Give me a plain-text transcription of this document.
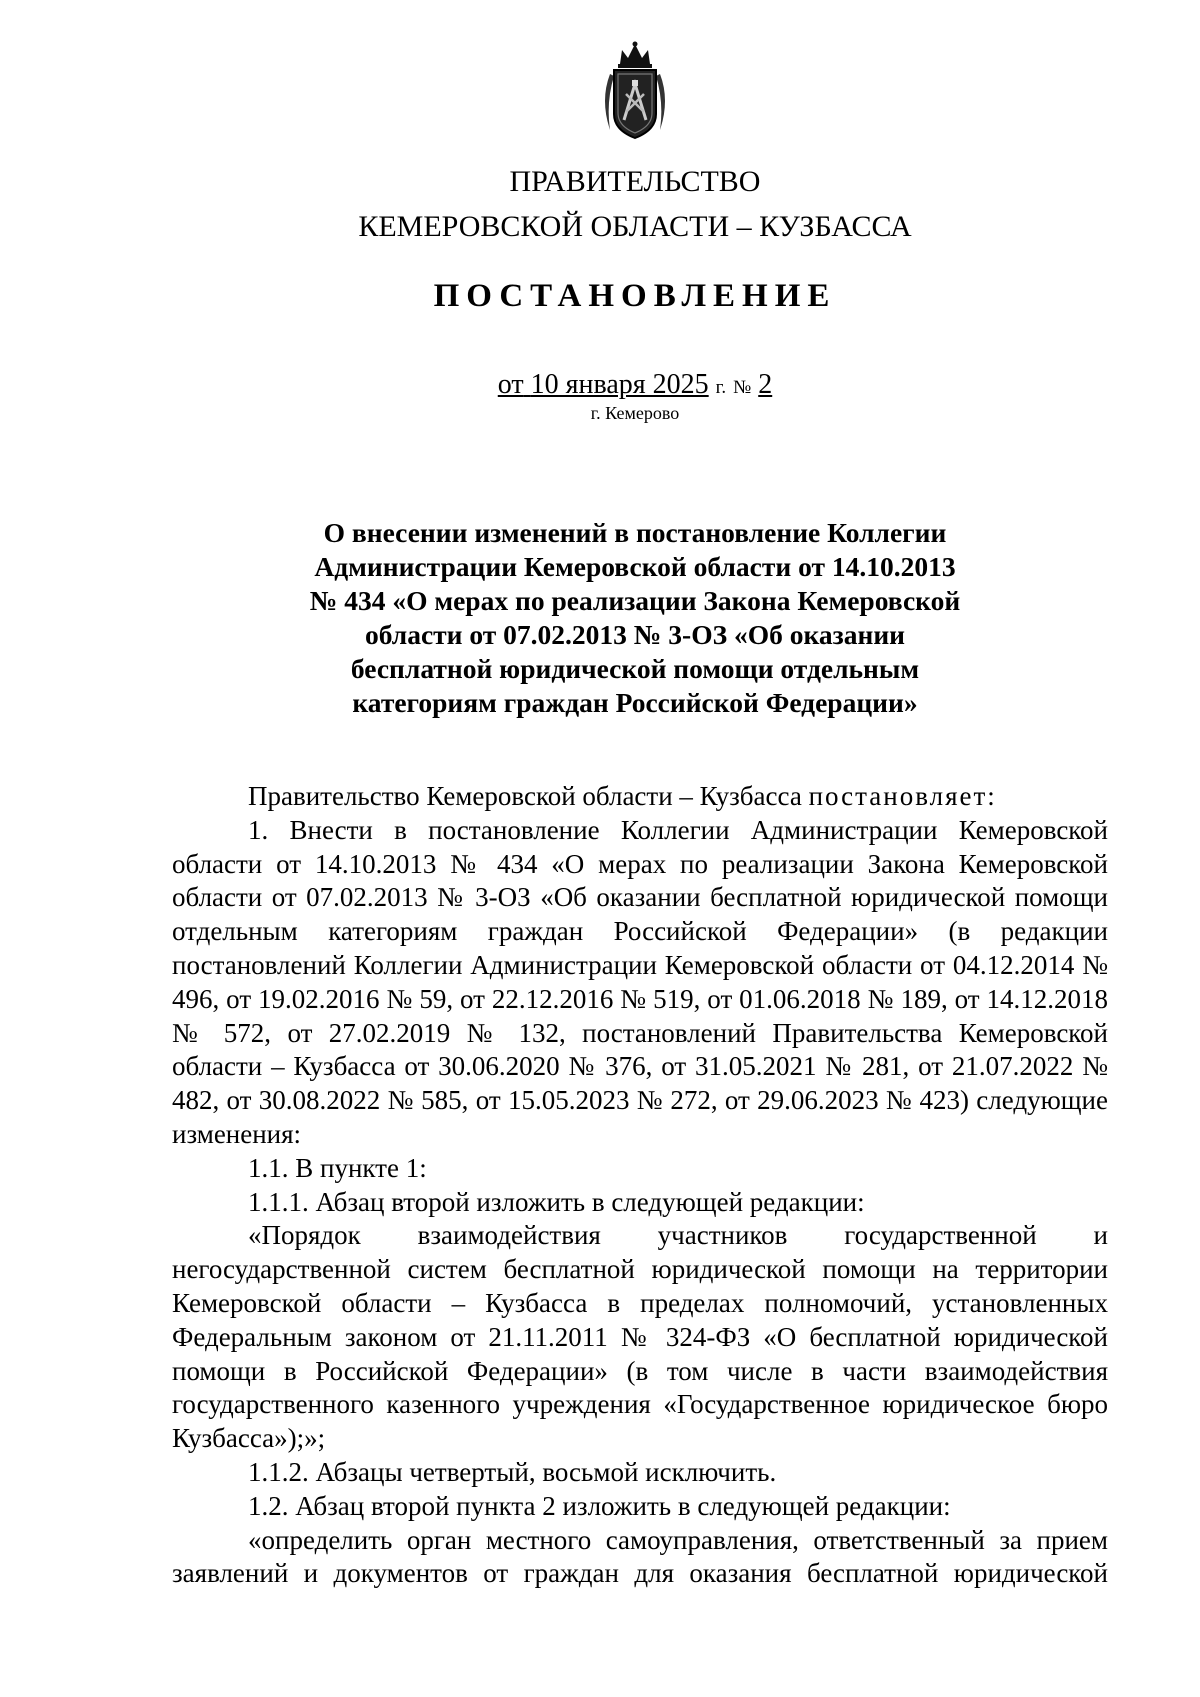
ПРАВИТЕЛЬСТВО
КЕМЕРОВСКОЙ ОБЛАСТИ – КУЗБАССА
ПОСТАНОВЛЕНИЕ
от 10 января 2025 г. № 2
г. Кемерово
О внесении изменений в постановление Коллегии
Администрации Кемеровской области от 14.10.2013
№ 434 «О мерах по реализации Закона Кемеровской
области от 07.02.2013 № 3-ОЗ «Об оказании
бесплатной юридической помощи отдельным
категориям граждан Российской Федерации»

Правительство Кемеровской области – Кузбасса постановляет:

1. Внести в постановление Коллегии Администрации Кемеровской области от 14.10.2013 № 434 «О мерах по реализации Закона Кемеровской области от 07.02.2013 № 3-ОЗ «Об оказании бесплатной юридической помощи отдельным категориям граждан Российской Федерации» (в редакции постановлений Коллегии Администрации Кемеровской области от 04.12.2014 № 496, от 19.02.2016 № 59, от 22.12.2016 № 519, от 01.06.2018 № 189, от 14.12.2018 № 572, от 27.02.2019 № 132, постановлений Правительства Кемеровской области – Кузбасса от 30.06.2020 № 376, от 31.05.2021 № 281, от 21.07.2022 № 482, от 30.08.2022 № 585, от 15.05.2023 № 272, от 29.06.2023 № 423) следующие изменения:

1.1. В пункте 1:

1.1.1. Абзац второй изложить в следующей редакции:

«Порядок взаимодействия участников государственной и негосударственной систем бесплатной юридической помощи на территории Кемеровской области – Кузбасса в пределах полномочий, установленных Федеральным законом от 21.11.2011 № 324-ФЗ «О бесплатной юридической помощи в Российской Федерации» (в том числе в части взаимодействия государственного казенного учреждения «Государственное юридическое бюро Кузбасса»);»;

1.1.2. Абзацы четвертый, восьмой исключить.

1.2. Абзац второй пункта 2 изложить в следующей редакции:

«определить орган местного самоуправления, ответственный за прием заявлений и документов от граждан для оказания бесплатной юридической
